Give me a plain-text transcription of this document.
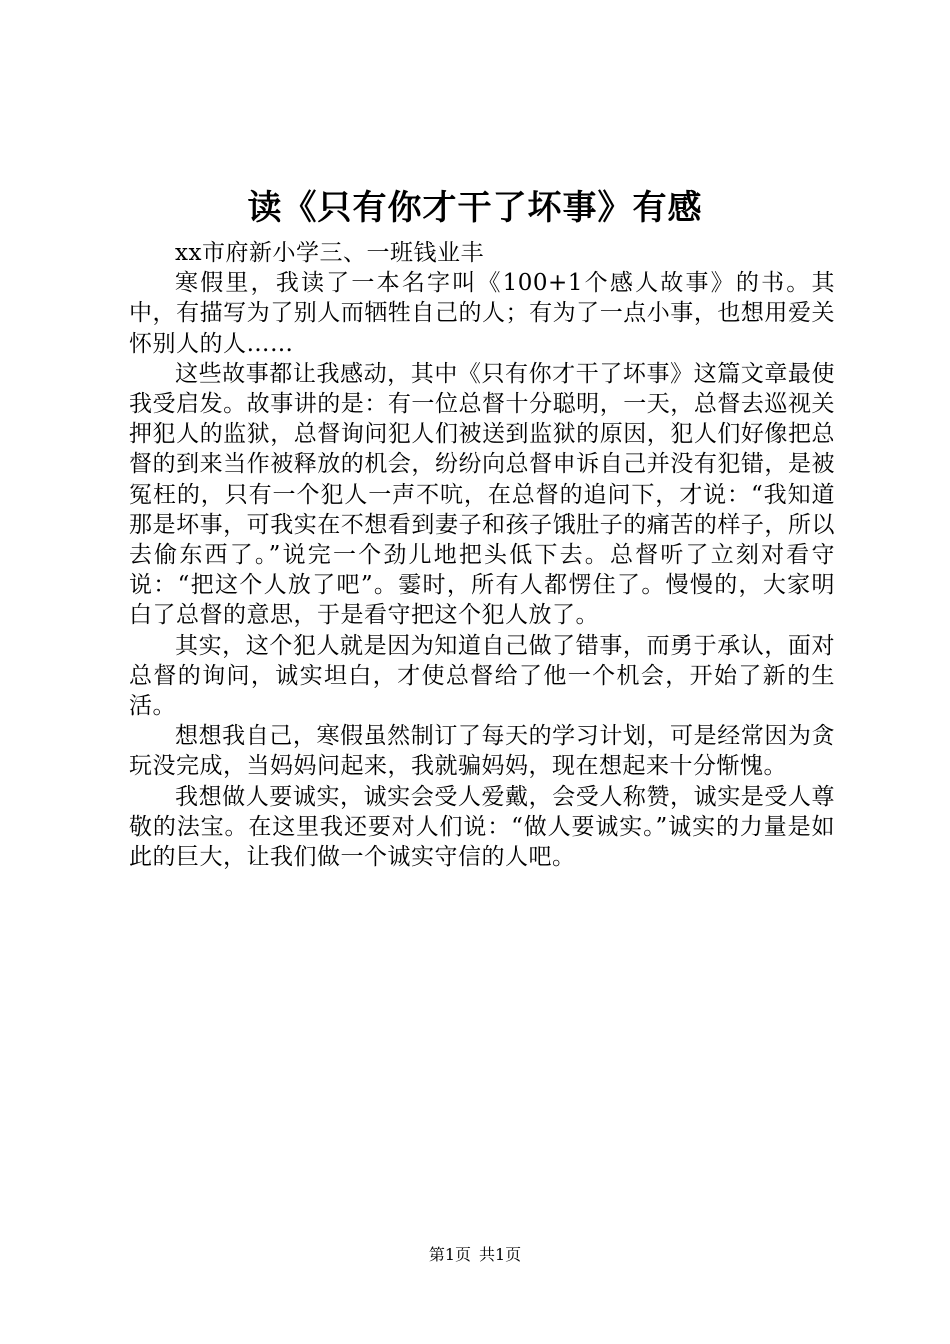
读《只有你才干了坏事》有感

xx市府新小学三、一班钱业丰

寒假里，我读了一本名字叫《100+1个感人故事》的书。其中，有描写为了别人而牺牲自己的人；有为了一点小事，也想用爱关怀别人的人……

这些故事都让我感动，其中《只有你才干了坏事》这篇文章最使我受启发。故事讲的是：有一位总督十分聪明，一天，总督去巡视关押犯人的监狱，总督询问犯人们被送到监狱的原因，犯人们好像把总督的到来当作被释放的机会，纷纷向总督申诉自己并没有犯错，是被冤枉的，只有一个犯人一声不吭，在总督的追问下，才说：“我知道那是坏事，可我实在不想看到妻子和孩子饿肚子的痛苦的样子，所以去偷东西了。”说完一个劲儿地把头低下去。总督听了立刻对看守说：“把这个人放了吧”。霎时，所有人都愣住了。慢慢的，大家明白了总督的意思，于是看守把这个犯人放了。

其实，这个犯人就是因为知道自己做了错事，而勇于承认，面对总督的询问，诚实坦白，才使总督给了他一个机会，开始了新的生活。

想想我自己，寒假虽然制订了每天的学习计划，可是经常因为贪玩没完成，当妈妈问起来，我就骗妈妈，现在想起来十分惭愧。

我想做人要诚实，诚实会受人爱戴，会受人称赞，诚实是受人尊敬的法宝。在这里我还要对人们说：“做人要诚实。”诚实的力量是如此的巨大，让我们做一个诚实守信的人吧。

第1页 共1页
